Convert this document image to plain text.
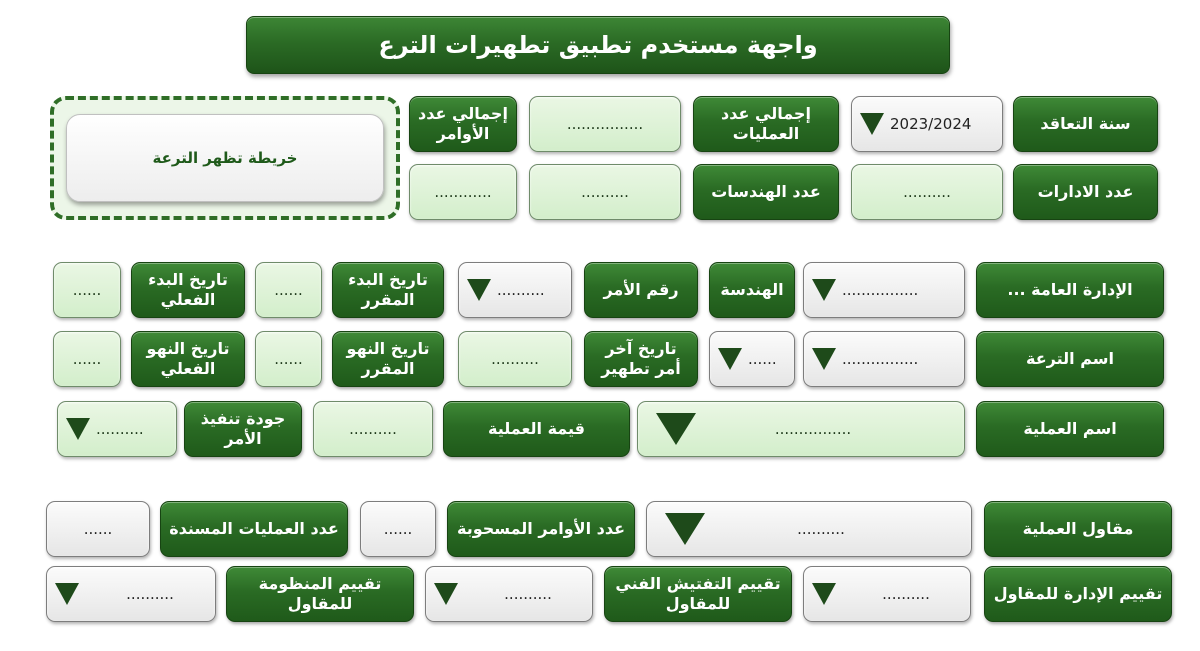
واجهة مستخدم تطبيق تطهيرات الترع
خريطة تظهر الترعة
سنة التعاقد
2023/2024
إجمالي عدد
العمليات
................
إجمالي عدد
الأوامر
عدد الادارات
..........
عدد الهندسات
..........
............
الإدارة العامة ...
................
الهندسة
رقم الأمر
..........
تاريخ البدء
المقرر
......
تاريخ البدء
الفعلي
......
اسم الترعة
................
......
تاريخ آخر
أمر تطهير
..........
تاريخ النهو
المقرر
......
تاريخ النهو
الفعلي
......
اسم العملية
................
قيمة العملية
..........
جودة تنفيذ
الأمر
..........
مقاول العملية
..........
عدد الأوامر المسحوبة
......
عدد العمليات المسندة
......
تقييم الإدارة للمقاول
..........
تقييم التفتيش الفني
للمقاول
..........
تقييم المنظومة
للمقاول
..........
